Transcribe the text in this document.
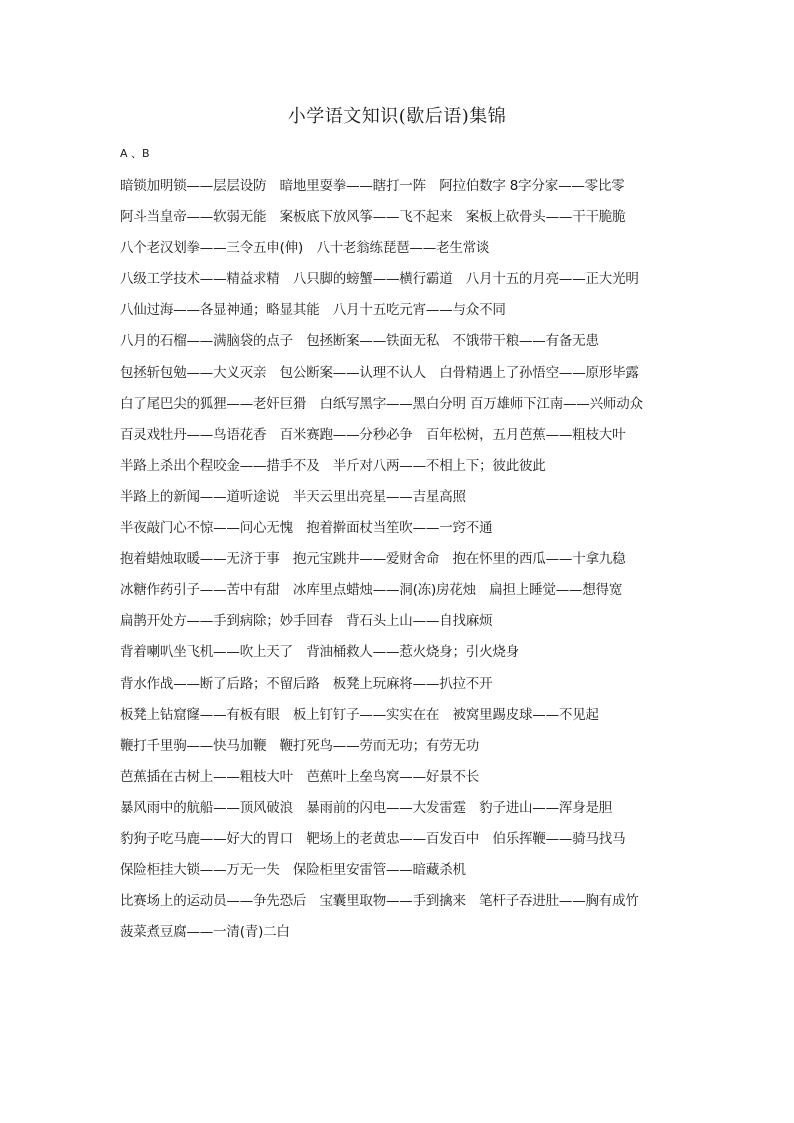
小学语文知识(歇后语)集锦
A 、B
暗锁加明锁——层层设防　暗地里耍拳——瞎打一阵　阿拉伯数字 8字分家——零比零
阿斗当皇帝——软弱无能　案板底下放风筝——飞不起来　案板上砍骨头——干干脆脆
八个老汉划拳——三令五申(伸)　八十老翁练琵琶——老生常谈
八级工学技术——精益求精　八只脚的螃蟹——横行霸道　八月十五的月亮——正大光明
八仙过海——各显神通；略显其能　八月十五吃元宵——与众不同
八月的石榴——满脑袋的点子　包拯断案——铁面无私　不饿带干粮——有备无患
包拯斩包勉——大义灭亲　包公断案——认理不认人　白骨精遇上了孙悟空——原形毕露
白了尾巴尖的狐狸——老奸巨猾　白纸写黑字——黑白分明 百万雄师下江南——兴师动众
百灵戏牡丹——鸟语花香　百米赛跑——分秒必争　百年松树，五月芭蕉——粗枝大叶
半路上杀出个程咬金——措手不及　半斤对八两——不相上下；彼此彼此
半路上的新闻——道听途说　半天云里出亮星——吉星高照
半夜敲门心不惊——问心无愧　抱着擀面杖当笙吹——一窍不通
抱着蜡烛取暖——无济于事　抱元宝跳井——爱财舍命　抱在怀里的西瓜——十拿九稳
冰糖作药引子——苦中有甜　冰库里点蜡烛——洞(冻)房花烛　扁担上睡觉——想得宽
扁鹊开处方——手到病除；妙手回春　背石头上山——自找麻烦
背着喇叭坐飞机——吹上天了　背油桶救人——惹火烧身；引火烧身
背水作战——断了后路；不留后路　板凳上玩麻将——扒拉不开
板凳上钻窟窿——有板有眼　板上钉钉子——实实在在　被窝里踢皮球——不见起
鞭打千里驹——快马加鞭　鞭打死鸟——劳而无功；有劳无功
芭蕉插在古树上——粗枝大叶　芭蕉叶上垒鸟窝——好景不长
暴风雨中的航船——顶风破浪　暴雨前的闪电——大发雷霆　豹子进山——浑身是胆
豹狗子吃马鹿——好大的胃口　靶场上的老黄忠——百发百中　伯乐挥鞭——骑马找马
保险柜挂大锁——万无一失　保险柜里安雷管——暗藏杀机
比赛场上的运动员——争先恐后　宝囊里取物——手到擒来　笔杆子吞进肚——胸有成竹
菠菜煮豆腐——一清(青)二白
